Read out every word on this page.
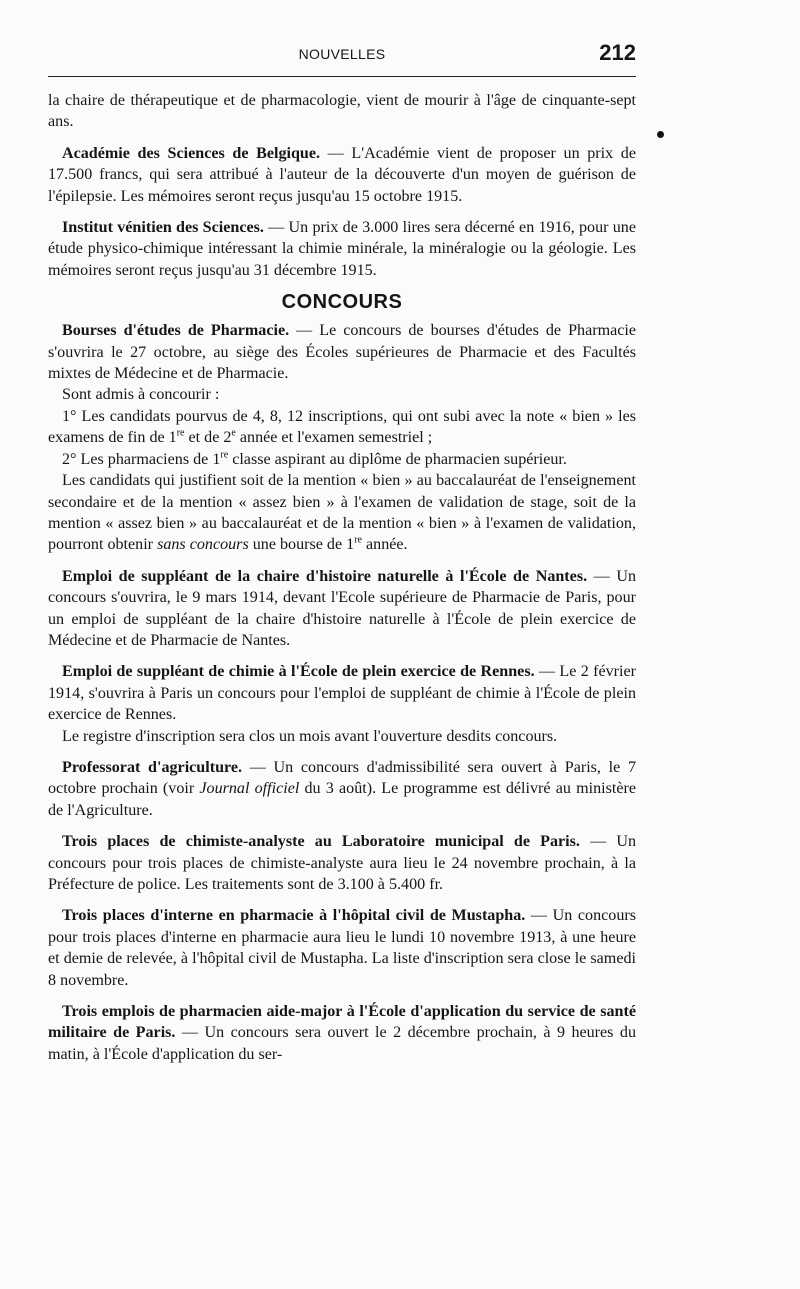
NOUVELLES	212

la chaire de thérapeutique et de pharmacologie, vient de mourir à l'âge de cinquante-sept ans.

Académie des Sciences de Belgique. — L'Académie vient de proposer un prix de 17.500 francs, qui sera attribué à l'auteur de la découverte d'un moyen de guérison de l'épilepsie. Les mémoires seront reçus jusqu'au 15 octobre 1915.

Institut vénitien des Sciences. — Un prix de 3.000 lires sera décerné en 1916, pour une étude physico-chimique intéressant la chimie minérale, la minéralogie ou la géologie. Les mémoires seront reçus jusqu'au 31 décembre 1915.

CONCOURS

Bourses d'études de Pharmacie. — Le concours de bourses d'études de Pharmacie s'ouvrira le 27 octobre, au siège des Écoles supérieures de Pharmacie et des Facultés mixtes de Médecine et de Pharmacie.

Sont admis à concourir :

1° Les candidats pourvus de 4, 8, 12 inscriptions, qui ont subi avec la note « bien » les examens de fin de 1re et de 2e année et l'examen semestriel ;

2° Les pharmaciens de 1re classe aspirant au diplôme de pharmacien supérieur.

Les candidats qui justifient soit de la mention « bien » au baccalauréat de l'enseignement secondaire et de la mention « assez bien » à l'examen de validation de stage, soit de la mention « assez bien » au baccalauréat et de la mention « bien » à l'examen de validation, pourront obtenir sans concours une bourse de 1re année.

Emploi de suppléant de la chaire d'histoire naturelle à l'École de Nantes. — Un concours s'ouvrira, le 9 mars 1914, devant l'Ecole supérieure de Pharmacie de Paris, pour un emploi de suppléant de la chaire d'histoire naturelle à l'École de plein exercice de Médecine et de Pharmacie de Nantes.

Emploi de suppléant de chimie à l'École de plein exercice de Rennes. — Le 2 février 1914, s'ouvrira à Paris un concours pour l'emploi de suppléant de chimie à l'École de plein exercice de Rennes.

Le registre d'inscription sera clos un mois avant l'ouverture desdits concours.

Professorat d'agriculture. — Un concours d'admissibilité sera ouvert à Paris, le 7 octobre prochain (voir Journal officiel du 3 août). Le programme est délivré au ministère de l'Agriculture.

Trois places de chimiste-analyste au Laboratoire municipal de Paris. — Un concours pour trois places de chimiste-analyste aura lieu le 24 novembre prochain, à la Préfecture de police. Les traitements sont de 3.100 à 5.400 fr.

Trois places d'interne en pharmacie à l'hôpital civil de Mustapha. — Un concours pour trois places d'interne en pharmacie aura lieu le lundi 10 novembre 1913, à une heure et demie de relevée, à l'hôpital civil de Mustapha. La liste d'inscription sera close le samedi 8 novembre.

Trois emplois de pharmacien aide-major à l'École d'application du service de santé militaire de Paris. — Un concours sera ouvert le 2 décembre prochain, à 9 heures du matin, à l'École d'application du ser-
